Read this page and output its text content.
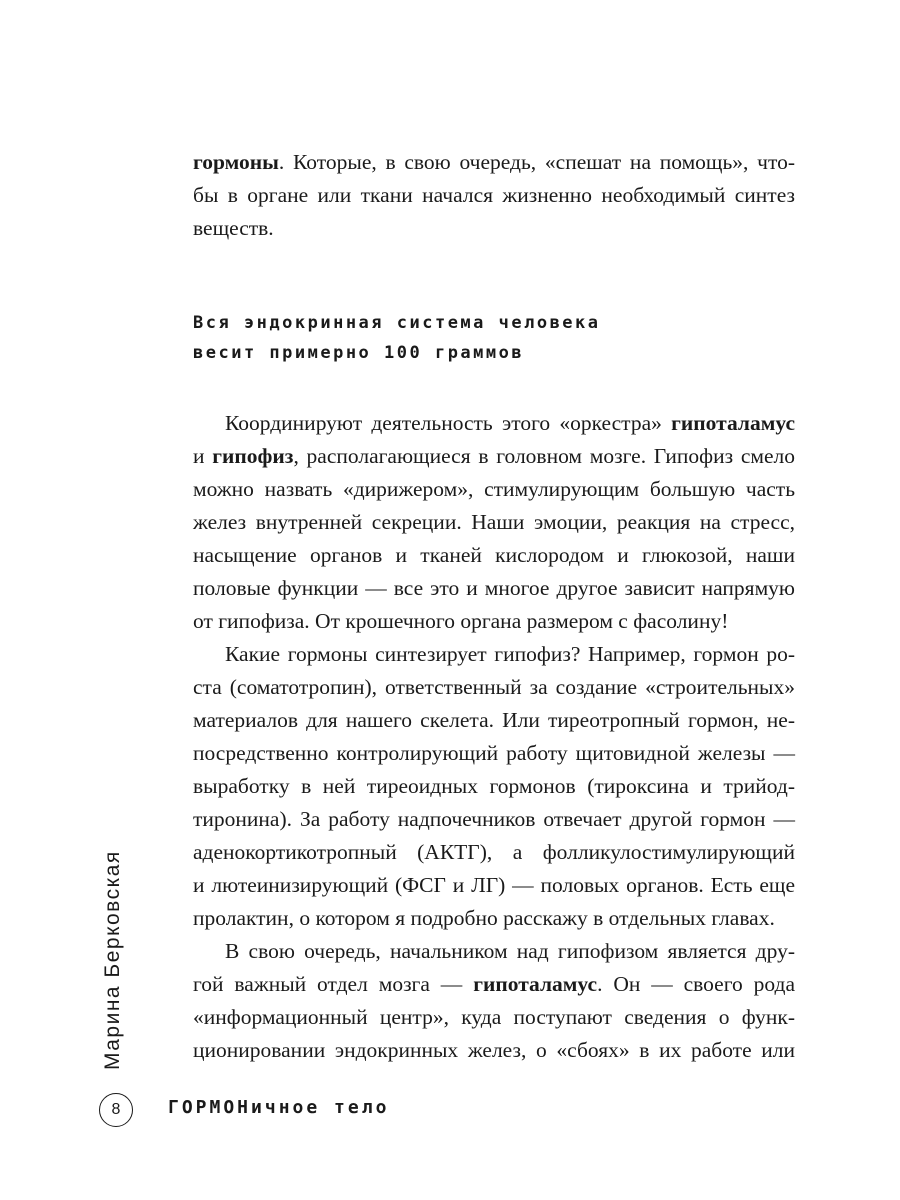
гормоны. Которые, в свою очередь, «спешат на помощь», что-
бы в органе или ткани начался жизненно необходимый синтез
веществ.
Вся эндокринная система человека
весит примерно 100 граммов
Координируют деятельность этого «оркестра» гипоталамус
и гипофиз, располагающиеся в головном мозге. Гипофиз смело
можно назвать «дирижером», стимулирующим большую часть
желез внутренней секреции. Наши эмоции, реакция на стресс,
насыщение органов и тканей кислородом и глюкозой, наши
половые функции — все это и многое другое зависит напрямую
от гипофиза. От крошечного органа размером с фасолину!
Какие гормоны синтезирует гипофиз? Например, гормон ро-
ста (соматотропин), ответственный за создание «строительных»
материалов для нашего скелета. Или тиреотропный гормон, не-
посредственно контролирующий работу щитовидной железы —
выработку в ней тиреоидных гормонов (тироксина и трийод-
тиронина). За работу надпочечников отвечает другой гормон —
аденокортикотропный (АКТГ), а фолликулостимулирующий
и лютеинизирующий (ФСГ и ЛГ) — половых органов. Есть еще
пролактин, о котором я подробно расскажу в отдельных главах.
В свою очередь, начальником над гипофизом является дру-
гой важный отдел мозга — гипоталамус. Он — своего рода
«информационный центр», куда поступают сведения о функ-
ционировании эндокринных желез, о «сбоях» в их работе или
Марина Берковская
8	ГОРМОНичное тело
